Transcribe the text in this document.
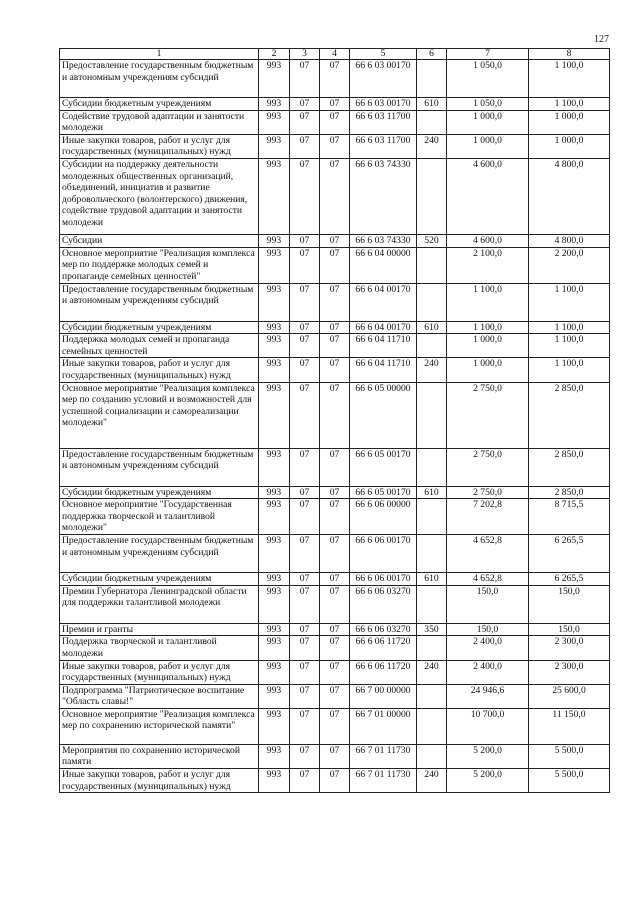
127
1	2	3	4	5	6	7	8
Предоставление государственным бюджетным и автономным учреждениям субсидий	993	07	07	66 6 03 00170		1 050,0	1 100,0
Субсидии бюджетным учреждениям	993	07	07	66 6 03 00170	610	1 050,0	1 100,0
Содействие трудовой адаптации и занятости молодежи	993	07	07	66 6 03 11700		1 000,0	1 000,0
Иные закупки товаров, работ и услуг для государственных (муниципальных) нужд	993	07	07	66 6 03 11700	240	1 000,0	1 000,0
Субсидии на поддержку деятельности молодежных общественных организаций, объединений, инициатив и развитие добровольческого (волонтерского) движения, содействие трудовой адаптации и занятости молодежи	993	07	07	66 6 03 74330		4 600,0	4 800,0
Субсидии	993	07	07	66 6 03 74330	520	4 600,0	4 800,0
Основное мероприятие "Реализация комплекса мер по поддержке молодых семей и пропаганде семейных ценностей"	993	07	07	66 6 04 00000		2 100,0	2 200,0
Предоставление государственным бюджетным и автономным учреждениям субсидий	993	07	07	66 6 04 00170		1 100,0	1 100,0
Субсидии бюджетным учреждениям	993	07	07	66 6 04 00170	610	1 100,0	1 100,0
Поддержка молодых семей и пропаганда семейных ценностей	993	07	07	66 6 04 11710		1 000,0	1 100,0
Иные закупки товаров, работ и услуг для государственных (муниципальных) нужд	993	07	07	66 6 04 11710	240	1 000,0	1 100,0
Основное мероприятие "Реализация комплекса мер по созданию условий и возможностей для успешной социализации и самореализации молодежи"	993	07	07	66 6 05 00000		2 750,0	2 850,0
Предоставление государственным бюджетным и автономным учреждениям субсидий	993	07	07	66 6 05 00170		2 750,0	2 850,0
Субсидии бюджетным учреждениям	993	07	07	66 6 05 00170	610	2 750,0	2 850,0
Основное мероприятие "Государственная поддержка творческой и талантливой молодежи"	993	07	07	66 6 06 00000		7 202,8	8 715,5
Предоставление государственным бюджетным и автономным учреждениям субсидий	993	07	07	66 6 06 00170		4 652,8	6 265,5
Субсидии бюджетным учреждениям	993	07	07	66 6 06 00170	610	4 652,8	6 265,5
Премии Губернатора Ленинградской области для поддержки талантливой молодежи	993	07	07	66 6 06 03270		150,0	150,0
Премии и гранты	993	07	07	66 6 06 03270	350	150,0	150,0
Поддержка творческой и талантливой молодежи	993	07	07	66 6 06 11720		2 400,0	2 300,0
Иные закупки товаров, работ и услуг для государственных (муниципальных) нужд	993	07	07	66 6 06 11720	240	2 400,0	2 300,0
Подпрограмма "Патриотическое воспитание "Область славы!"	993	07	07	66 7 00 00000		24 946,6	25 600,0
Основное мероприятие "Реализация комплекса мер по сохранению исторической памяти"	993	07	07	66 7 01 00000		10 700,0	11 150,0
Мероприятия по сохранению исторической памяти	993	07	07	66 7 01 11730		5 200,0	5 500,0
Иные закупки товаров, работ и услуг для государственных (муниципальных) нужд	993	07	07	66 7 01 11730	240	5 200,0	5 500,0
